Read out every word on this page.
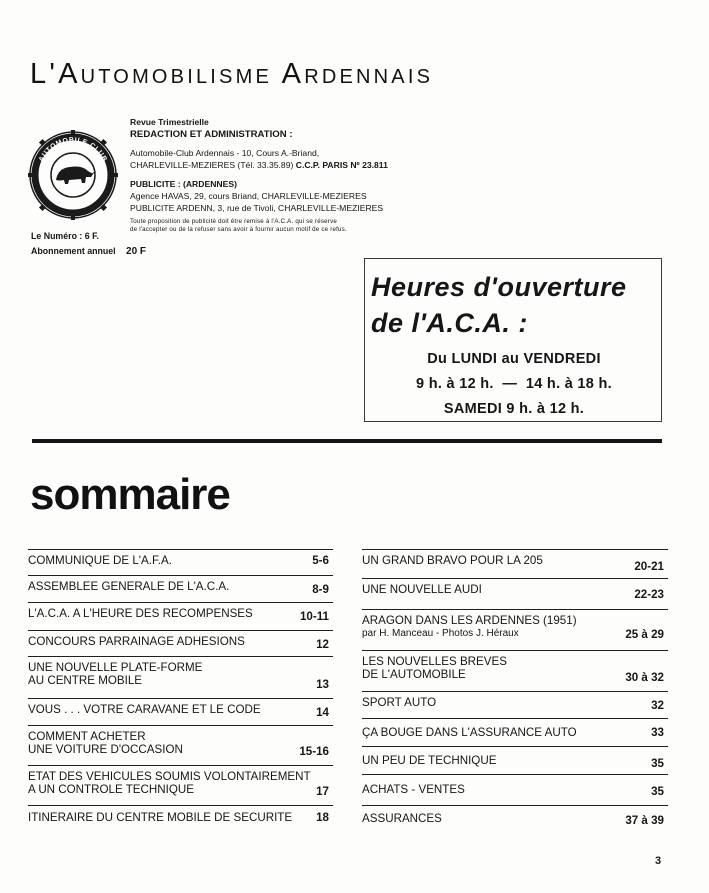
L'Automobilisme Ardennais
AUTOMOBILE CLUB
ARDENNAIS
Revue Trimestrielle
REDACTION ET ADMINISTRATION :
Automobile-Club Ardennais - 10, Cours A.-Briand,
CHARLEVILLE-MEZIERES (Tél. 33.35.89) C.C.P. PARIS Nº 23.811
PUBLICITE : (ARDENNES)
Agence HAVAS, 29, cours Briand, CHARLEVILLE-MEZIERES
PUBLICITE ARDENN, 3, rue de Tivoli, CHARLEVILLE-MEZIERES
Toute proposition de publicité doit être remise à l'A.C.A. qui se réserve
de l'accepter ou de la refuser sans avoir à fournir aucun motif de ce refus.
Le Numéro : 6 F.
Abonnement annuel 20 F
Heures d'ouverture
de l'A.C.A. :
Du LUNDI au VENDREDI
9 h. à 12 h.  —  14 h. à 18 h.
SAMEDI 9 h. à 12 h.
sommaire
COMMUNIQUE DE L'A.F.A.	5-6
ASSEMBLEE GENERALE DE L'A.C.A.	8-9
L'A.C.A. A L'HEURE DES RECOMPENSES	10-11
CONCOURS PARRAINAGE ADHESIONS	12
UNE NOUVELLE PLATE-FORME
AU CENTRE MOBILE	13
VOUS . . . VOTRE CARAVANE ET LE CODE	14
COMMENT ACHETER
UNE VOITURE D'OCCASION	15-16
ETAT DES VEHICULES SOUMIS VOLONTAIREMENT
A UN CONTROLE TECHNIQUE	17
ITINERAIRE DU CENTRE MOBILE DE SECURITE 18
UN GRAND BRAVO POUR LA 205	20-21
UNE NOUVELLE AUDI	22-23
ARAGON DANS LES ARDENNES (1951)
par H. Manceau - Photos J. Héraux	25 à 29
LES NOUVELLES BREVES
DE L'AUTOMOBILE	30 à 32
SPORT AUTO	32
ÇA BOUGE DANS L'ASSURANCE AUTO	33
UN PEU DE TECHNIQUE	35
ACHATS - VENTES	35
ASSURANCES	37 à 39
3
